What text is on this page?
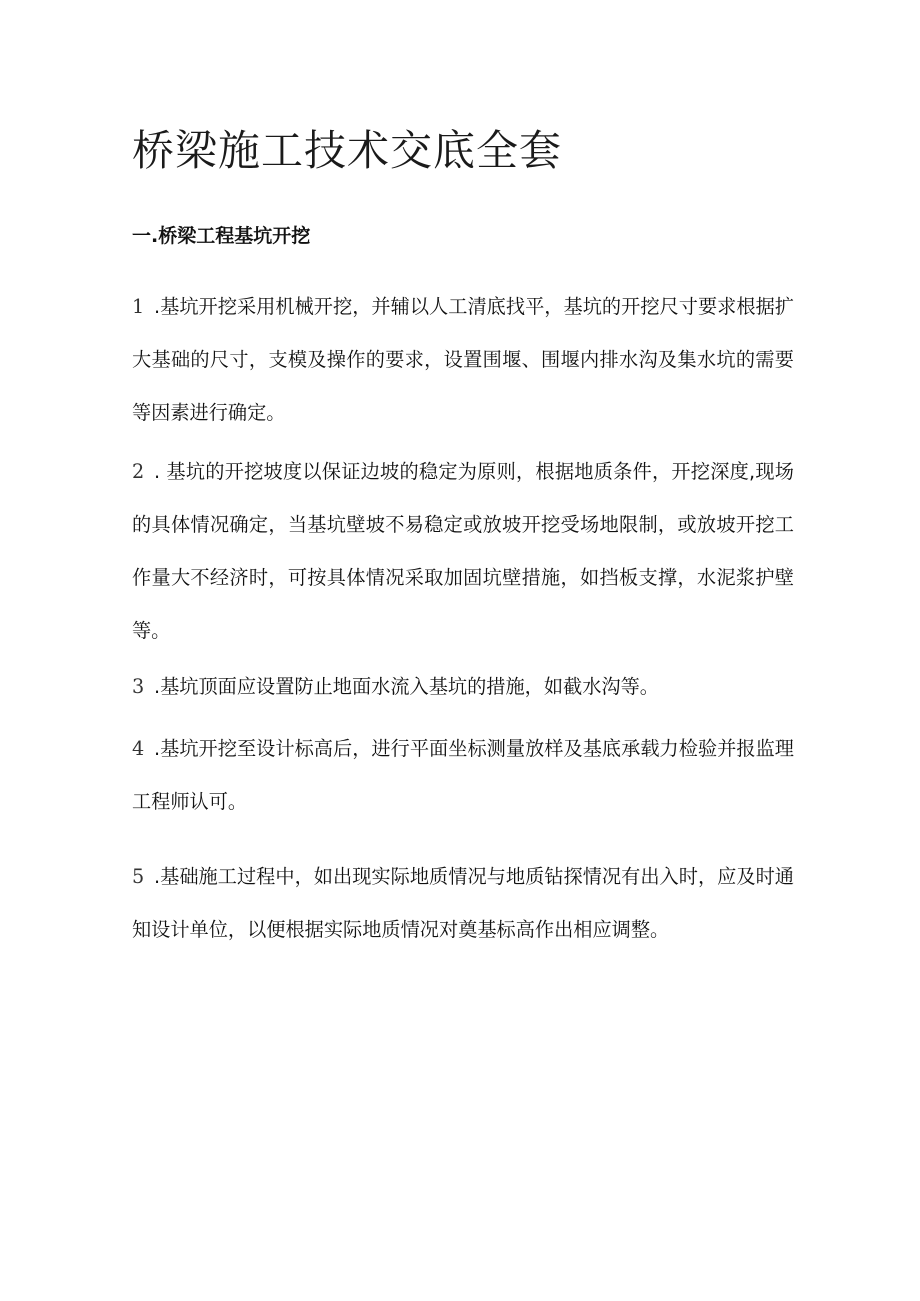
桥梁施工技术交底全套
一.桥梁工程基坑开挖

1 .基坑开挖采用机械开挖，并辅以人工清底找平，基坑的开挖尺寸要求根据扩大基础的尺寸，支模及操作的要求，设置围堰、围堰内排水沟及集水坑的需要等因素进行确定。

2 . 基坑的开挖坡度以保证边坡的稳定为原则，根据地质条件，开挖深度,现场的具体情况确定，当基坑壁坡不易稳定或放坡开挖受场地限制，或放坡开挖工作量大不经济时，可按具体情况采取加固坑壁措施，如挡板支撑，水泥浆护壁等。

3 .基坑顶面应设置防止地面水流入基坑的措施，如截水沟等。

4 .基坑开挖至设计标高后，进行平面坐标测量放样及基底承载力检验并报监理工程师认可。

5 .基础施工过程中，如出现实际地质情况与地质钻探情况有出入时，应及时通知设计单位，以便根据实际地质情况对奠基标高作出相应调整。
